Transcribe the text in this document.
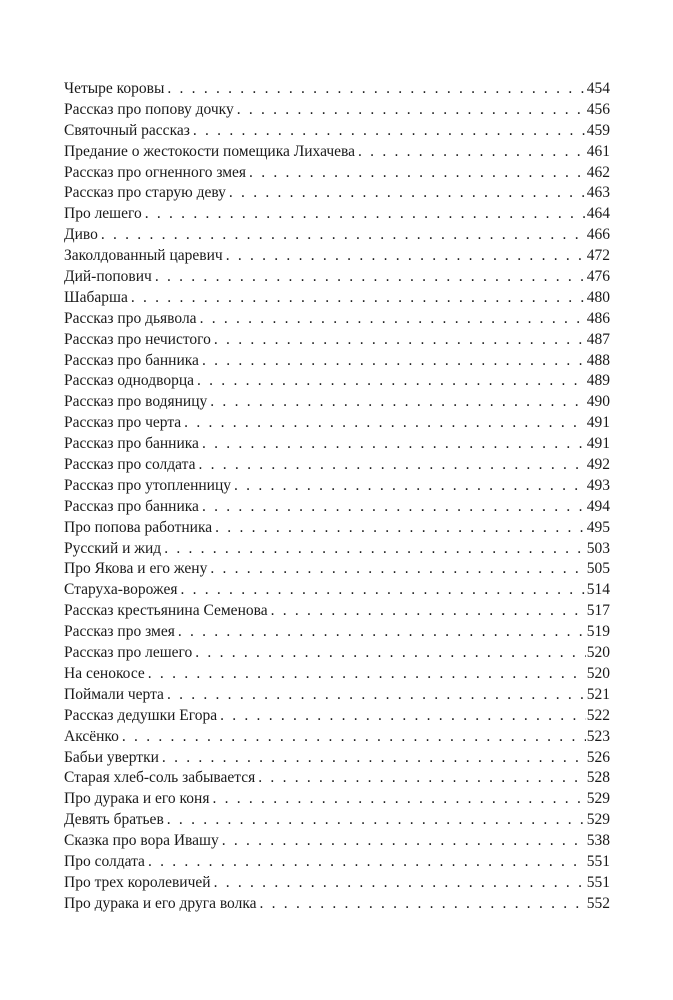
Четыре коровы . . .	454
Рассказ про попову дочку . . .	456
Святочный рассказ . . .	459
Предание о жестокости помещика Лихачева . . .	461
Рассказ про огненного змея . . .	462
Рассказ про старую деву . . .	463
Про лешего . . .	464
Диво . . .	466
Заколдованный царевич . . .	472
Дий-попович . . .	476
Шабарша . . .	480
Рассказ про дьявола . . .	486
Рассказ про нечистого . . .	487
Рассказ про банника . . .	488
Рассказ однодворца . . .	489
Рассказ про водяницу . . .	490
Рассказ про черта . . .	491
Рассказ про банника . . .	491
Рассказ про солдата . . .	492
Рассказ про утопленницу . . .	493
Рассказ про банника . . .	494
Про попова работника . . .	495
Русский и жид . . .	503
Про Якова и его жену . . .	505
Старуха-ворожея . . .	514
Рассказ крестьянина Семенова . . .	517
Рассказ про змея . . .	519
Рассказ про лешего . . .	520
На сенокосе . . .	520
Поймали черта . . .	521
Рассказ дедушки Егора . . .	522
Аксёнко . . .	523
Бабьи увертки . . .	526
Старая хлеб-соль забывается . . .	528
Про дурака и его коня . . .	529
Девять братьев . . .	529
Сказка про вора Ивашу . . .	538
Про солдата . . .	551
Про трех королевичей . . .	551
Про дурака и его друга волка . . .	552
